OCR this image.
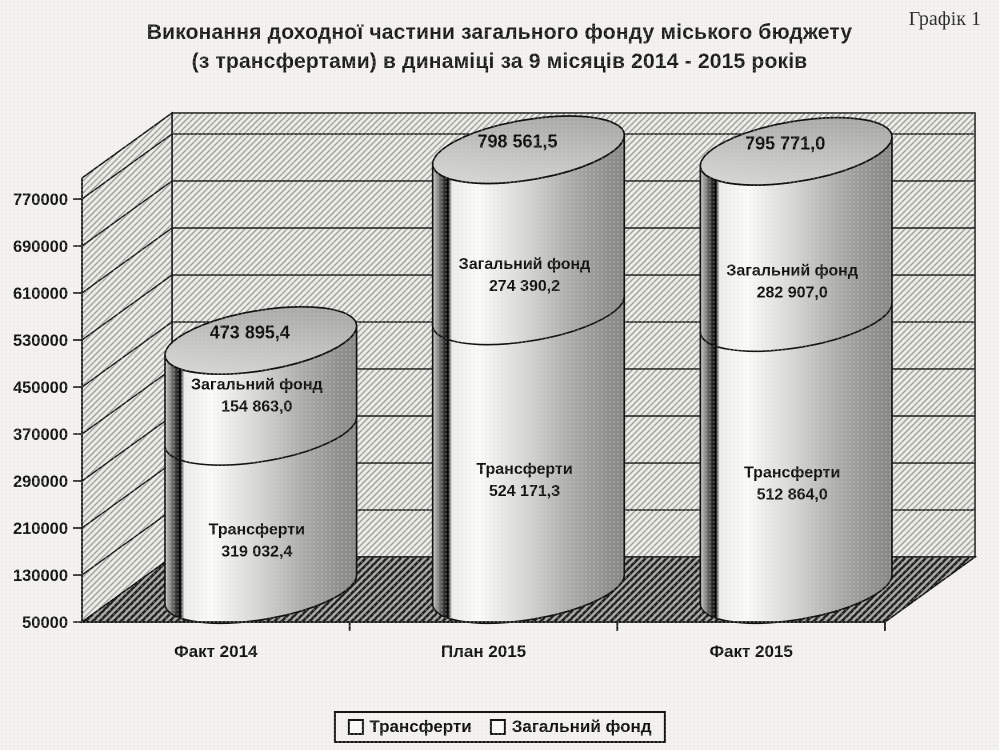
Виконання доходної частини загального фонду міського бюджету
(з трансфертами) в динаміці за 9 місяців 2014 - 2015 років
Графік 1
50000
130000
210000
290000
370000
450000
530000
610000
690000
770000
Трансферти
319 032,4
Загальний фонд
154 863,0
473 895,4
Трансферти
524 171,3
Загальний фонд
274 390,2
798 561,5
Трансферти
512 864,0
Загальний фонд
282 907,0
795 771,0
Факт 2014	План 2015	Факт 2015
Трансферти Загальний фонд
